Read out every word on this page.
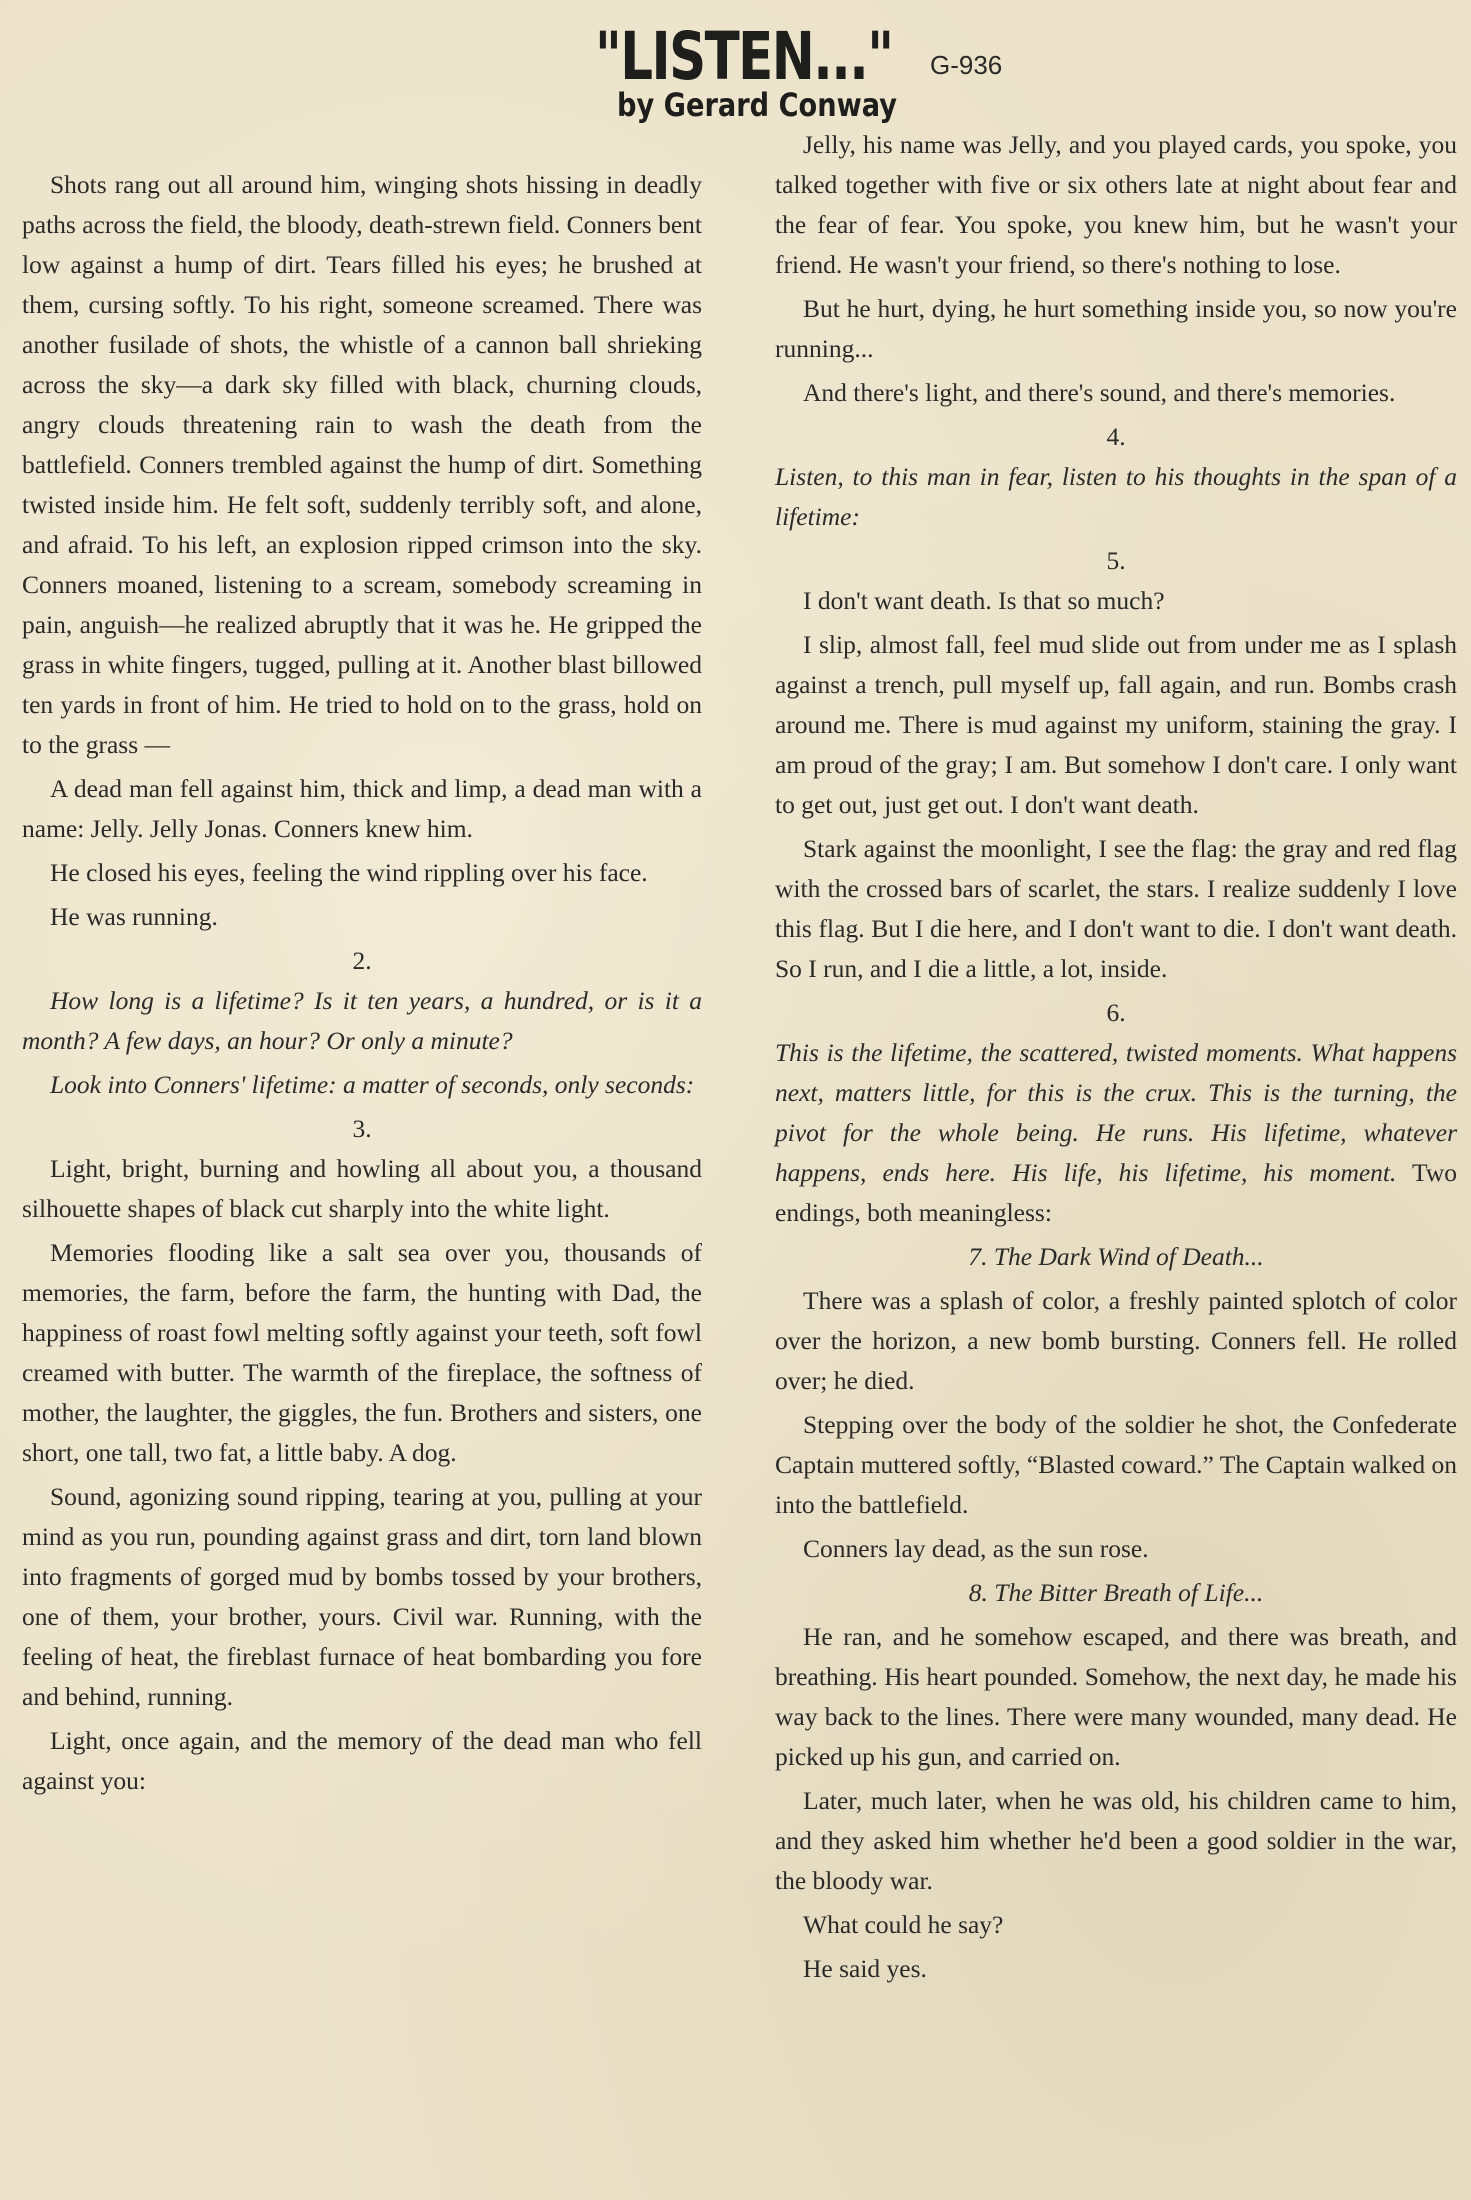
"LISTEN..." G-936
by Gerard Conway

Shots rang out all around him, winging shots hissing in deadly paths across the field, the bloody, death-strewn field. Conners bent low against a hump of dirt. Tears filled his eyes; he brushed at them, cursing softly. To his right, someone screamed. There was another fusilade of shots, the whistle of a cannon ball shrieking across the sky—a dark sky filled with black, churning clouds, angry clouds threatening rain to wash the death from the battlefield. Conners trembled against the hump of dirt. Something twisted inside him. He felt soft, suddenly terribly soft, and alone, and afraid. To his left, an explosion ripped crimson into the sky. Conners moaned, listening to a scream, somebody screaming in pain, anguish—he realized abruptly that it was he. He gripped the grass in white fingers, tugged, pulling at it. Another blast billowed ten yards in front of him. He tried to hold on to the grass, hold on to the grass —

A dead man fell against him, thick and limp, a dead man with a name: Jelly. Jelly Jonas. Conners knew him.

He closed his eyes, feeling the wind rippling over his face.

He was running.

2.

How long is a lifetime? Is it ten years, a hundred, or is it a month? A few days, an hour? Or only a minute?

Look into Conners' lifetime: a matter of seconds, only seconds:

3.

Light, bright, burning and howling all about you, a thousand silhouette shapes of black cut sharply into the white light.

Memories flooding like a salt sea over you, thousands of memories, the farm, before the farm, the hunting with Dad, the happiness of roast fowl melting softly against your teeth, soft fowl creamed with butter. The warmth of the fireplace, the softness of mother, the laughter, the giggles, the fun. Brothers and sisters, one short, one tall, two fat, a little baby. A dog.

Sound, agonizing sound ripping, tearing at you, pulling at your mind as you run, pounding against grass and dirt, torn land blown into fragments of gorged mud by bombs tossed by your brothers, one of them, your brother, yours. Civil war. Running, with the feeling of heat, the fireblast furnace of heat bombarding you fore and behind, running.

Light, once again, and the memory of the dead man who fell against you:

Jelly, his name was Jelly, and you played cards, you spoke, you talked together with five or six others late at night about fear and the fear of fear. You spoke, you knew him, but he wasn't your friend. He wasn't your friend, so there's nothing to lose.

But he hurt, dying, he hurt something inside you, so now you're running...

And there's light, and there's sound, and there's memories.

4.

Listen, to this man in fear, listen to his thoughts in the span of a lifetime:

5.

I don't want death. Is that so much?

I slip, almost fall, feel mud slide out from under me as I splash against a trench, pull myself up, fall again, and run. Bombs crash around me. There is mud against my uniform, staining the gray. I am proud of the gray; I am. But somehow I don't care. I only want to get out, just get out. I don't want death.

Stark against the moonlight, I see the flag: the gray and red flag with the crossed bars of scarlet, the stars. I realize suddenly I love this flag. But I die here, and I don't want to die. I don't want death. So I run, and I die a little, a lot, inside.

6.

This is the lifetime, the scattered, twisted moments. What happens next, matters little, for this is the crux. This is the turning, the pivot for the whole being. He runs. His lifetime, whatever happens, ends here. His life, his lifetime, his moment. Two endings, both meaningless:

7. The Dark Wind of Death...

There was a splash of color, a freshly painted splotch of color over the horizon, a new bomb bursting. Conners fell. He rolled over; he died.

Stepping over the body of the soldier he shot, the Confederate Captain muttered softly, “Blasted coward.” The Captain walked on into the battlefield.

Conners lay dead, as the sun rose.

8. The Bitter Breath of Life...

He ran, and he somehow escaped, and there was breath, and breathing. His heart pounded. Somehow, the next day, he made his way back to the lines. There were many wounded, many dead. He picked up his gun, and carried on.

Later, much later, when he was old, his children came to him, and they asked him whether he'd been a good soldier in the war, the bloody war.

What could he say?

He said yes.
